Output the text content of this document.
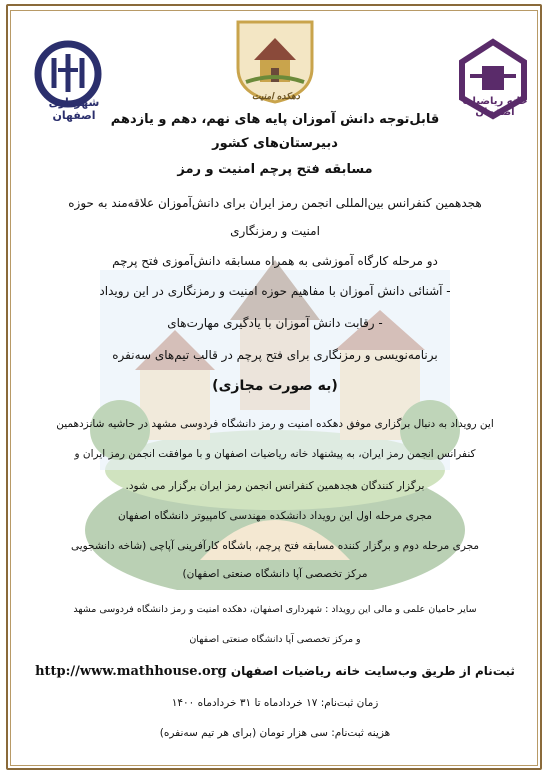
شهرداری اصفهان
دهکده امنیت	خانه ریاضیات اصفهان
قابل‌توجه دانش آموزان پایه های نهم، دهم و یازدهم
دبیرستان‌های کشور
مسابقه فتح پرچم امنیت و رمز
هجدهمین کنفرانس بین‌المللی انجمن رمز ایران برای دانش‌آموزان علاقه‌مند به حوزه
امنیت و رمزنگاری
دو مرحله کارگاه آموزشی به همراه مسابقه دانش‌آموزی فتح پرچم
- آشنائی دانش آموزان با مفاهیم حوزه امنیت و رمزنگاری در این رویداد
- رقابت دانش آموزان با یادگیری مهارت‌های
برنامه‌نویسی و رمزنگاری برای فتح پرچم در قالب تیم‌های سه‌نفره
(به صورت مجازی)
این رویداد به دنبال برگزاری موفق دهکده امنیت و رمز دانشگاه فردوسی مشهد در حاشیه شانزدهمین
کنفرانس انجمن رمز ایران، به پیشنهاد خانه ریاضیات اصفهان و با موافقت انجمن رمز ایران و
برگزار کنندگان هجدهمین کنفرانس انجمن رمز ایران برگزار می شود.
مجری مرحله اول این رویداد دانشکده مهندسی کامپیوتر دانشگاه اصفهان
مجری مرحله دوم و برگزار کننده مسابقه فتح پرچم، باشگاه کارآفرینی آپاچی (شاخه دانشجویی
مرکز تخصصی آپا دانشگاه صنعتی اصفهان)
سایر حامیان علمی و مالی این رویداد : شهرداری اصفهان، دهکده امنیت و رمز دانشگاه فردوسی مشهد
و مرکز تخصصی آپا دانشگاه صنعتی اصفهان
ثبت‌نام از طریق وب‌سایت خانه ریاضیات اصفهان http://www.mathhouse.org
زمان ثبت‌نام: ۱۷ خردادماه تا ۳۱ خردادماه ۱۴۰۰
هزینه ثبت‌نام: سی هزار تومان (برای هر تیم سه‌نفره)
